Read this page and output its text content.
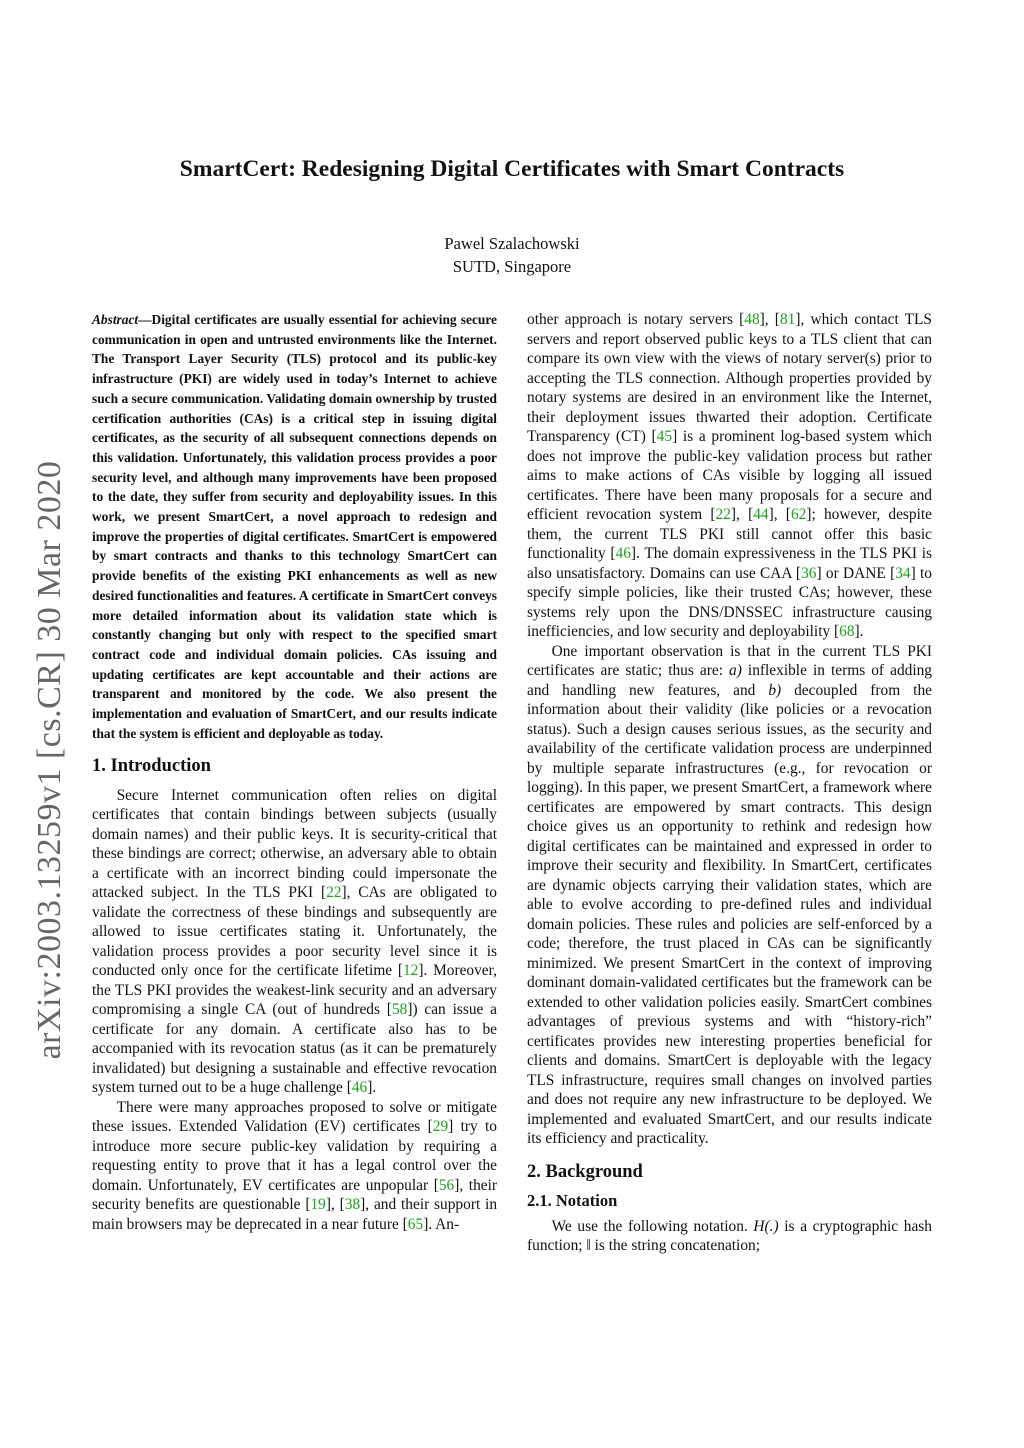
arXiv:2003.13259v1 [cs.CR] 30 Mar 2020
SmartCert: Redesigning Digital Certificates with Smart Contracts
Pawel Szalachowski
SUTD, Singapore

Abstract—Digital certificates are usually essential for achieving secure communication in open and untrusted environments like the Internet. The Transport Layer Security (TLS) protocol and its public-key infrastructure (PKI) are widely used in today’s Internet to achieve such a secure communication. Validating domain ownership by trusted certification authorities (CAs) is a critical step in issuing digital certificates, as the security of all subsequent connections depends on this validation. Unfortunately, this validation process provides a poor security level, and although many improvements have been proposed to the date, they suffer from security and deployability issues. In this work, we present SmartCert, a novel approach to redesign and improve the properties of digital certificates. SmartCert is empowered by smart contracts and thanks to this technology SmartCert can provide benefits of the existing PKI enhancements as well as new desired functionalities and features. A certificate in SmartCert conveys more detailed information about its validation state which is constantly changing but only with respect to the specified smart contract code and individual domain policies. CAs issuing and updating certificates are kept accountable and their actions are transparent and monitored by the code. We also present the implementation and evaluation of SmartCert, and our results indicate that the system is efficient and deployable as today.

1. Introduction

Secure Internet communication often relies on digital certificates that contain bindings between subjects (usually domain names) and their public keys. It is security-critical that these bindings are correct; otherwise, an adversary able to obtain a certificate with an incorrect binding could impersonate the attacked subject. In the TLS PKI [22], CAs are obligated to validate the correctness of these bindings and subsequently are allowed to issue certificates stating it. Unfortunately, the validation process provides a poor security level since it is conducted only once for the certificate lifetime [12]. Moreover, the TLS PKI provides the weakest-link security and an adversary compromising a single CA (out of hundreds [58]) can issue a certificate for any domain. A certificate also has to be accompanied with its revocation status (as it can be prematurely invalidated) but designing a sustainable and effective revocation system turned out to be a huge challenge [46].

There were many approaches proposed to solve or mitigate these issues. Extended Validation (EV) certificates [29] try to introduce more secure public-key validation by requiring a requesting entity to prove that it has a legal control over the domain. Unfortunately, EV certificates are unpopular [56], their security benefits are questionable [19], [38], and their support in main browsers may be deprecated in a near future [65]. An-

other approach is notary servers [48], [81], which contact TLS servers and report observed public keys to a TLS client that can compare its own view with the views of notary server(s) prior to accepting the TLS connection. Although properties provided by notary systems are desired in an environment like the Internet, their deployment issues thwarted their adoption. Certificate Transparency (CT) [45] is a prominent log-based system which does not improve the public-key validation process but rather aims to make actions of CAs visible by logging all issued certificates. There have been many proposals for a secure and efficient revocation system [22], [44], [62]; however, despite them, the current TLS PKI still cannot offer this basic functionality [46]. The domain expressiveness in the TLS PKI is also unsatisfactory. Domains can use CAA [36] or DANE [34] to specify simple policies, like their trusted CAs; however, these systems rely upon the DNS/DNSSEC infrastructure causing inefficiencies, and low security and deployability [68].

One important observation is that in the current TLS PKI certificates are static; thus are: a) inflexible in terms of adding and handling new features, and b) decoupled from the information about their validity (like policies or a revocation status). Such a design causes serious issues, as the security and availability of the certificate validation process are underpinned by multiple separate infrastructures (e.g., for revocation or logging). In this paper, we present SmartCert, a framework where certificates are empowered by smart contracts. This design choice gives us an opportunity to rethink and redesign how digital certificates can be maintained and expressed in order to improve their security and flexibility. In SmartCert, certificates are dynamic objects carrying their validation states, which are able to evolve according to pre-defined rules and individual domain policies. These rules and policies are self-enforced by a code; therefore, the trust placed in CAs can be significantly minimized. We present SmartCert in the context of improving dominant domain-validated certificates but the framework can be extended to other validation policies easily. SmartCert combines advantages of previous systems and with “history-rich” certificates provides new interesting properties beneficial for clients and domains. SmartCert is deployable with the legacy TLS infrastructure, requires small changes on involved parties and does not require any new infrastructure to be deployed. We implemented and evaluated SmartCert, and our results indicate its efficiency and practicality.

2. Background
2.1. Notation

We use the following notation. H(.) is a cryptographic hash function; ‖ is the string concatenation;
